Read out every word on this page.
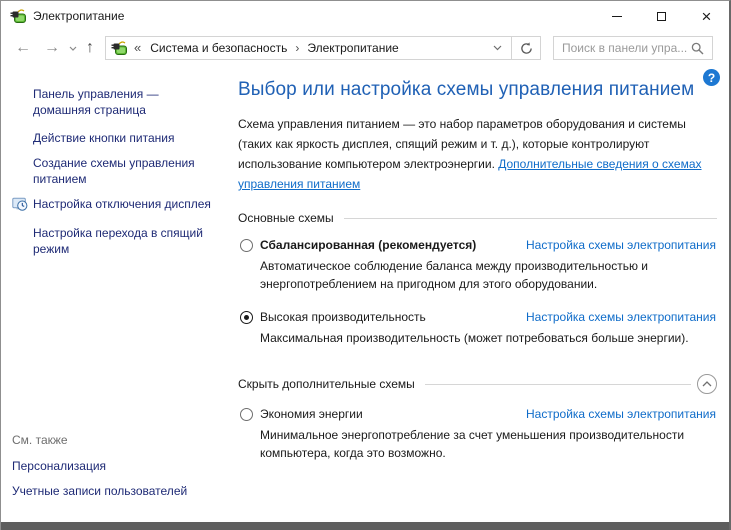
Электропитание	×
← → ↑	« Система и безопасность › Электропитание
Поиск в панели упра...
Панель управления — домашняя страница
Действие кнопки питания
Создание схемы управления питанием
Настройка отключения дисплея
Настройка перехода в спящий режим
См. также
Персонализация
Учетные записи пользователей
?
Выбор или настройка схемы управления питанием

Схема управления питанием — это набор параметров оборудования и системы (таких как яркость дисплея, спящий режим и т. д.), которые контролируют использование компьютером электроэнергии. Дополнительные сведения о схемах управления питанием

Основные схемы
Сбалансированная (рекомендуется)	Настройка схемы электропитания
Автоматическое соблюдение баланса между производительностью и энергопотреблением на пригодном для этого оборудовании.
Высокая производительность	Настройка схемы электропитания
Максимальная производительность (может потребоваться больше энергии).
Скрыть дополнительные схемы
Экономия энергии	Настройка схемы электропитания
Минимальное энергопотребление за счет уменьшения производительности компьютера, когда это возможно.
